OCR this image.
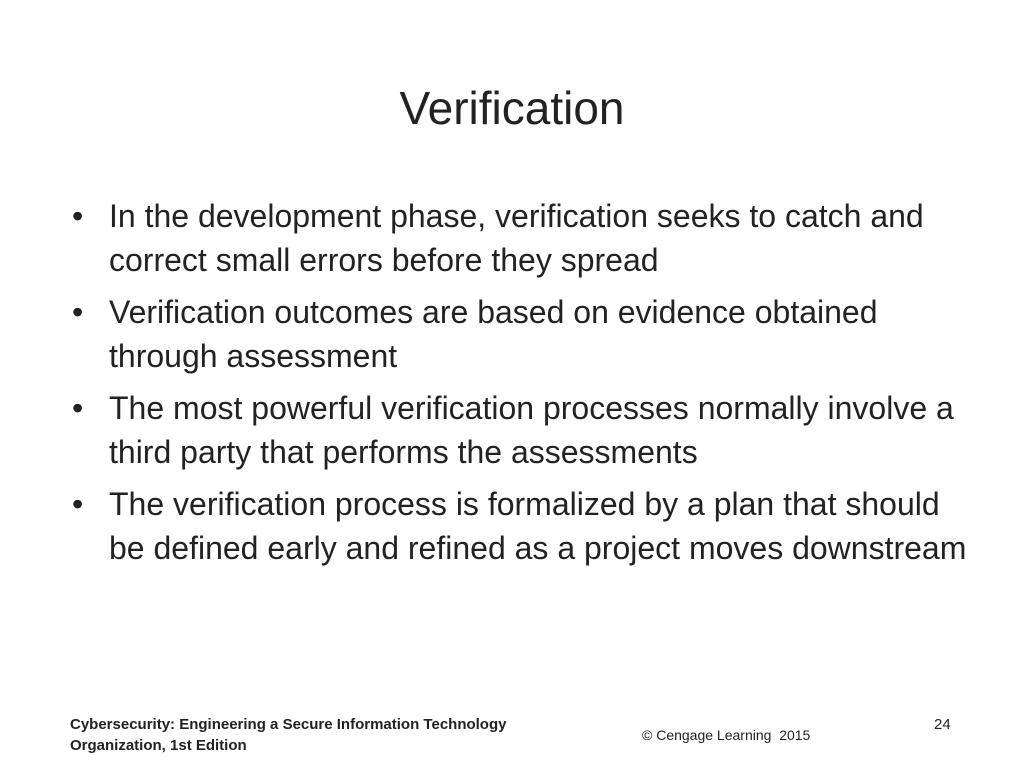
Verification
• In the development phase, verification seeks to catch and correct small errors before they spread
• Verification outcomes are based on evidence obtained through assessment
• The most powerful verification processes normally involve a third party that performs the assessments
• The verification process is formalized by a plan that should be defined early and refined as a project moves downstream
Cybersecurity: Engineering a Secure Information Technology
Organization, 1st Edition
© Cengage Learning  2015
24
